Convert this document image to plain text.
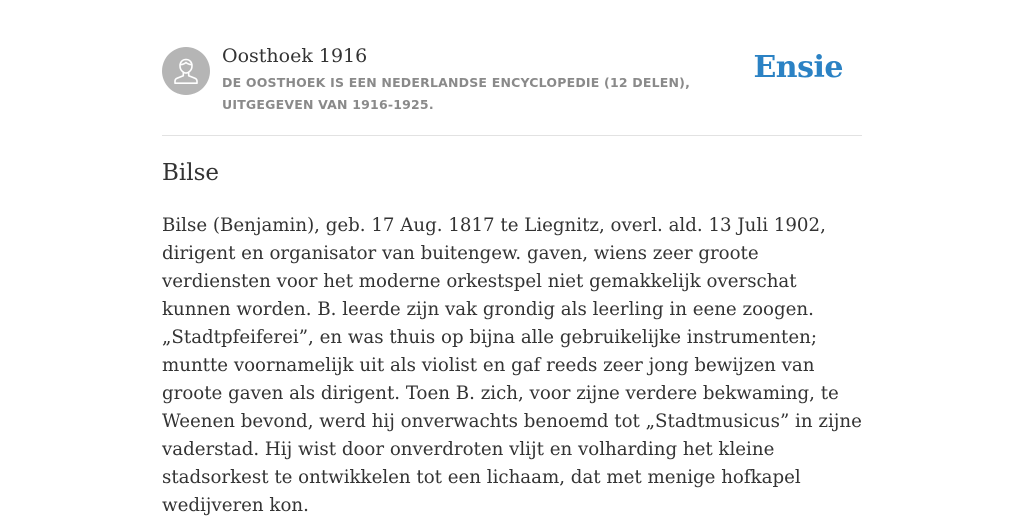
Oosthoek 1916
DE OOSTHOEK IS EEN NEDERLANDSE ENCYCLOPEDIE (12 DELEN), UITGEGEVEN VAN 1916-1925.
Ensie
Bilse

Bilse (Benjamin), geb. 17 Aug. 1817 te Liegnitz, overl. ald. 13 Juli 1902, dirigent en organisator van buitengew. gaven, wiens zeer groote verdiensten voor het moderne orkestspel niet gemakkelijk overschat kunnen worden. B. leerde zijn vak grondig als leerling in eene zoogen. „Stadtpfeiferei”, en was thuis op bijna alle gebruikelijke instrumenten; muntte voornamelijk uit als violist en gaf reeds zeer jong bewijzen van groote gaven als dirigent. Toen B. zich, voor zijne verdere bekwaming, te Weenen bevond, werd hij onverwachts benoemd tot „Stadtmusicus” in zijne vaderstad. Hij wist door onverdroten vlijt en volharding het kleine stadsorkest te ontwikkelen tot een lichaam, dat met menige hofkapel wedijveren kon.
